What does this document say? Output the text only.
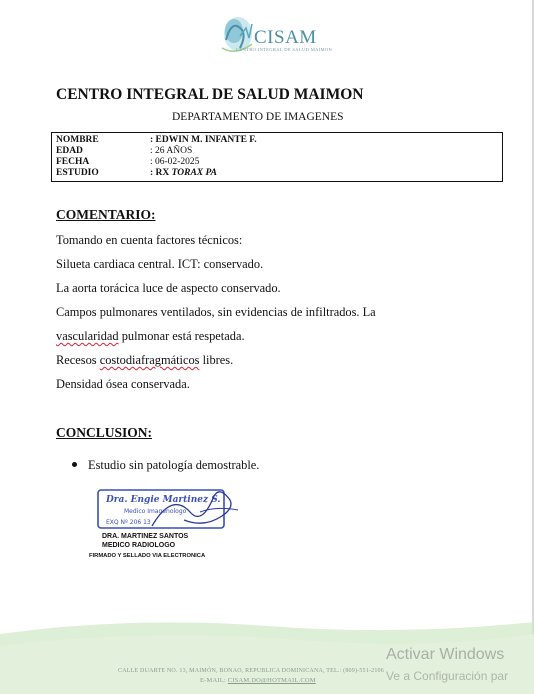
CISAM
CENTRO INTEGRAL DE SALUD MAIMON
CENTRO INTEGRAL DE SALUD MAIMON
DEPARTAMENTO DE IMAGENES
NOMBRE	: EDWIN M. INFANTE F.
EDAD	: 26 AÑOS
FECHA	: 06-02-2025
ESTUDIO	: RX TORAX PA
COMENTARIO:
Tomando en cuenta factores técnicos:
Silueta cardiaca central. ICT: conservado.
La aorta torácica luce de aspecto conservado.
Campos pulmonares ventilados, sin evidencias de infiltrados. La
vascularidad pulmonar está respetada.
Recesos costodiafragmáticos libres.
Densidad ósea conservada.
CONCLUSION:
Estudio sin patología demostrable.
Dra. Engie Martinez S.
Medico Imagenologo
EXQ Nº 206 13
DRA. MARTINEZ SANTOS
MEDICO RADIOLOGO
FIRMADO Y SELLADO VIA ELECTRONICA
CALLE DUARTE NO. 13, MAIMÓN, BONAO, REPUBLICA DOMINICANA, TEL.: (809)-551-2106
E-MAIL: CISAM.DO@HOTMAIL.COM
Activar Windows
Ve a Configuración par
